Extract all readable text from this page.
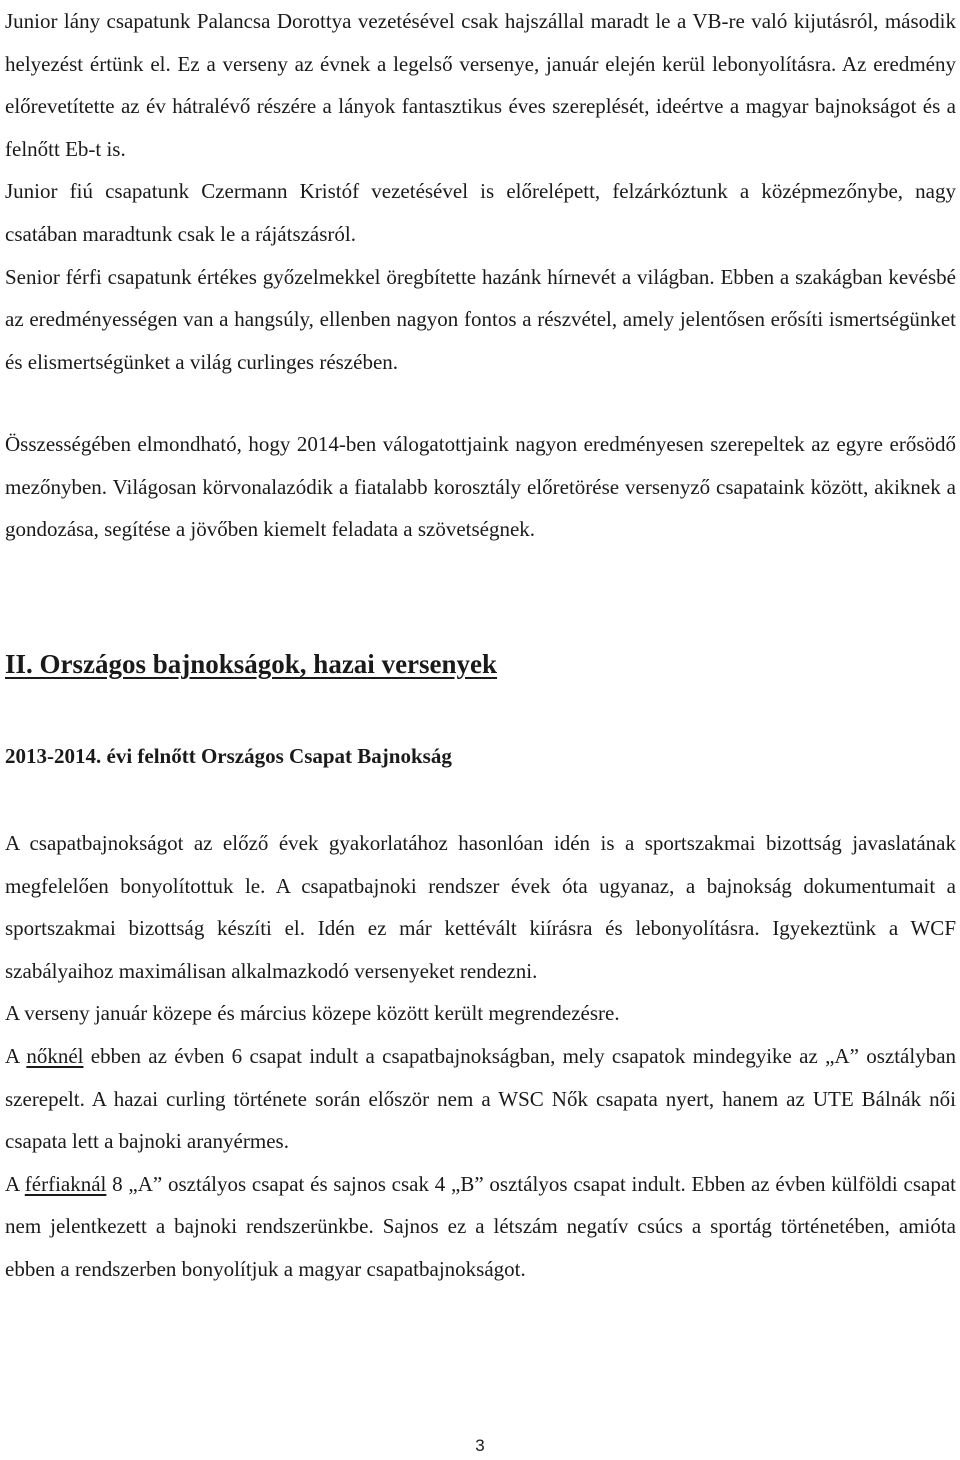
Junior lány csapatunk Palancsa Dorottya vezetésével csak hajszállal maradt le a VB-re való kijutásról, második helyezést értünk el. Ez a verseny az évnek a legelső versenye, január elején kerül lebonyolításra. Az eredmény előrevetítette az év hátralévő részére a lányok fantasztikus éves szereplését, ideértve a magyar bajnokságot és a felnőtt Eb-t is.

Junior fiú csapatunk Czermann Kristóf vezetésével is előrelépett, felzárkóztunk a középmezőnybe, nagy csatában maradtunk csak le a rájátszásról.

Senior férfi csapatunk értékes győzelmekkel öregbítette hazánk hírnevét a világban. Ebben a szakágban kevésbé az eredményességen van a hangsúly, ellenben nagyon fontos a részvétel, amely jelentősen erősíti ismertségünket és elismertségünket a világ curlinges részében.

Összességében elmondható, hogy 2014-ben válogatottjaink nagyon eredményesen szerepeltek az egyre erősödő mezőnyben. Világosan körvonalazódik a fiatalabb korosztály előretörése versenyző csapataink között, akiknek a gondozása, segítése a jövőben kiemelt feladata a szövetségnek.

II. Országos bajnokságok, hazai versenyek
2013-2014. évi felnőtt Országos Csapat Bajnokság

A csapatbajnokságot az előző évek gyakorlatához hasonlóan idén is a sportszakmai bizottság javaslatának megfelelően bonyolítottuk le. A csapatbajnoki rendszer évek óta ugyanaz, a bajnokság dokumentumait a sportszakmai bizottság készíti el. Idén ez már kettévált kiírásra és lebonyolításra. Igyekeztünk a WCF szabályaihoz maximálisan alkalmazkodó versenyeket rendezni.

A verseny január közepe és március közepe között került megrendezésre.

A nőknél ebben az évben 6 csapat indult a csapatbajnokságban, mely csapatok mindegyike az „A” osztályban szerepelt. A hazai curling története során először nem a WSC Nők csapata nyert, hanem az UTE Bálnák női csapata lett a bajnoki aranyérmes.

A férfiaknál 8 „A” osztályos csapat és sajnos csak 4 „B” osztályos csapat indult. Ebben az évben külföldi csapat nem jelentkezett a bajnoki rendszerünkbe. Sajnos ez a létszám negatív csúcs a sportág történetében, amióta ebben a rendszerben bonyolítjuk a magyar csapatbajnokságot.

3
